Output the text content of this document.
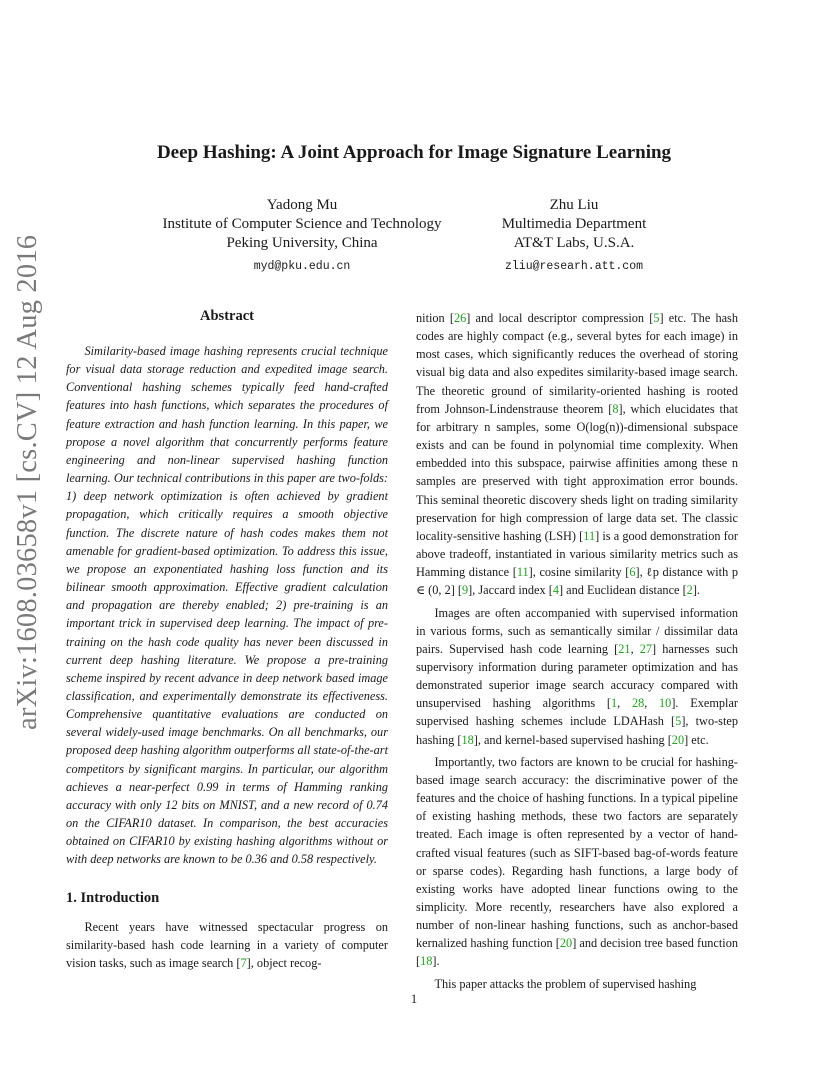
arXiv:1608.03658v1 [cs.CV] 12 Aug 2016
Deep Hashing: A Joint Approach for Image Signature Learning
Yadong Mu
Institute of Computer Science and Technology
Peking University, China
myd@pku.edu.cn
Zhu Liu
Multimedia Department
AT&T Labs, U.S.A.
zliu@researh.att.com
Abstract

Similarity-based image hashing represents crucial technique for visual data storage reduction and expedited image search. Conventional hashing schemes typically feed hand-crafted features into hash functions, which separates the procedures of feature extraction and hash function learning. In this paper, we propose a novel algorithm that concurrently performs feature engineering and non-linear supervised hashing function learning. Our technical contributions in this paper are two-folds: 1) deep network optimization is often achieved by gradient propagation, which critically requires a smooth objective function. The discrete nature of hash codes makes them not amenable for gradient-based optimization. To address this issue, we propose an exponentiated hashing loss function and its bilinear smooth approximation. Effective gradient calculation and propagation are thereby enabled; 2) pre-training is an important trick in supervised deep learning. The impact of pre-training on the hash code quality has never been discussed in current deep hashing literature. We propose a pre-training scheme inspired by recent advance in deep network based image classification, and experimentally demonstrate its effectiveness. Comprehensive quantitative evaluations are conducted on several widely-used image benchmarks. On all benchmarks, our proposed deep hashing algorithm outperforms all state-of-the-art competitors by significant margins. In particular, our algorithm achieves a near-perfect 0.99 in terms of Hamming ranking accuracy with only 12 bits on MNIST, and a new record of 0.74 on the CIFAR10 dataset. In comparison, the best accuracies obtained on CIFAR10 by existing hashing algorithms without or with deep networks are known to be 0.36 and 0.58 respectively.

1. Introduction

Recent years have witnessed spectacular progress on similarity-based hash code learning in a variety of computer vision tasks, such as image search [7], object recog-

nition [26] and local descriptor compression [5] etc. The hash codes are highly compact (e.g., several bytes for each image) in most cases, which significantly reduces the overhead of storing visual big data and also expedites similarity-based image search. The theoretic ground of similarity-oriented hashing is rooted from Johnson-Lindenstrause theorem [8], which elucidates that for arbitrary n samples, some O(log(n))-dimensional subspace exists and can be found in polynomial time complexity. When embedded into this subspace, pairwise affinities among these n samples are preserved with tight approximation error bounds. This seminal theoretic discovery sheds light on trading similarity preservation for high compression of large data set. The classic locality-sensitive hashing (LSH) [11] is a good demonstration for above tradeoff, instantiated in various similarity metrics such as Hamming distance [11], cosine similarity [6], ℓp distance with p ∈ (0, 2] [9], Jaccard index [4] and Euclidean distance [2].

Images are often accompanied with supervised information in various forms, such as semantically similar / dissimilar data pairs. Supervised hash code learning [21, 27] harnesses such supervisory information during parameter optimization and has demonstrated superior image search accuracy compared with unsupervised hashing algorithms [1, 28, 10]. Exemplar supervised hashing schemes include LDAHash [5], two-step hashing [18], and kernel-based supervised hashing [20] etc.

Importantly, two factors are known to be crucial for hashing-based image search accuracy: the discriminative power of the features and the choice of hashing functions. In a typical pipeline of existing hashing methods, these two factors are separately treated. Each image is often represented by a vector of hand-crafted visual features (such as SIFT-based bag-of-words feature or sparse codes). Regarding hash functions, a large body of existing works have adopted linear functions owing to the simplicity. More recently, researchers have also explored a number of non-linear hashing functions, such as anchor-based kernalized hashing function [20] and decision tree based function [18].

This paper attacks the problem of supervised hashing

1
